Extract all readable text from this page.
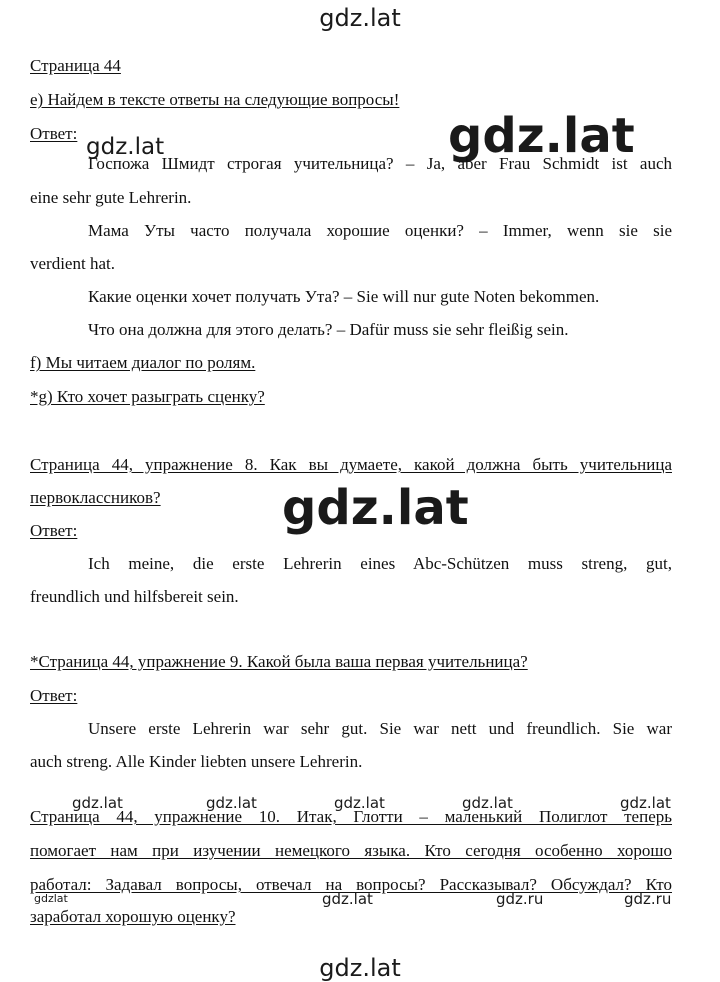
gdz.lat
gdz.lat
gdz.lat
gdz.lat
Страница 44
e) Найдем в тексте ответы на следующие вопросы!
Ответ:
Госпожа Шмидт строгая учительница? – Ja, aber Frau Schmidt ist auch
eine sehr gute Lehrerin.
Мама Уты часто получала хорошие оценки? – Immer, wenn sie sie
verdient hat.
Какие оценки хочет получать Ута? – Sie will nur gute Noten bekommen.
Что она должна для этого делать? – Dafür muss sie sehr fleißig sein.
f) Мы читаем диалог по ролям.
*g) Кто хочет разыграть сценку?
Страница 44, упражнение 8. Как вы думаете, какой должна быть учительница
первоклассников?
Ответ:
Ich meine, die erste Lehrerin eines Abc-Schützen muss streng, gut,
freundlich und hilfsbereit sein.
*Страница 44, упражнение 9. Какой была ваша первая учительница?
Ответ:
Unsere erste Lehrerin war sehr gut. Sie war nett und freundlich. Sie war
auch streng. Alle Kinder liebten unsere Lehrerin.
Страница 44, упражнение 10. Итак, Глотти – маленький Полиглот теперь
помогает нам при изучении немецкого языка. Кто сегодня особенно хорошо
работал: Задавал вопросы, отвечал на вопросы? Рассказывал? Обсуждал? Кто
заработал хорошую оценку?
gdz.lat	gdz.lat	gdz.lat	gdz.lat	gdz.lat
gdzlat	gdz.lat	gdz.ru	gdz.ru
gdz.lat
